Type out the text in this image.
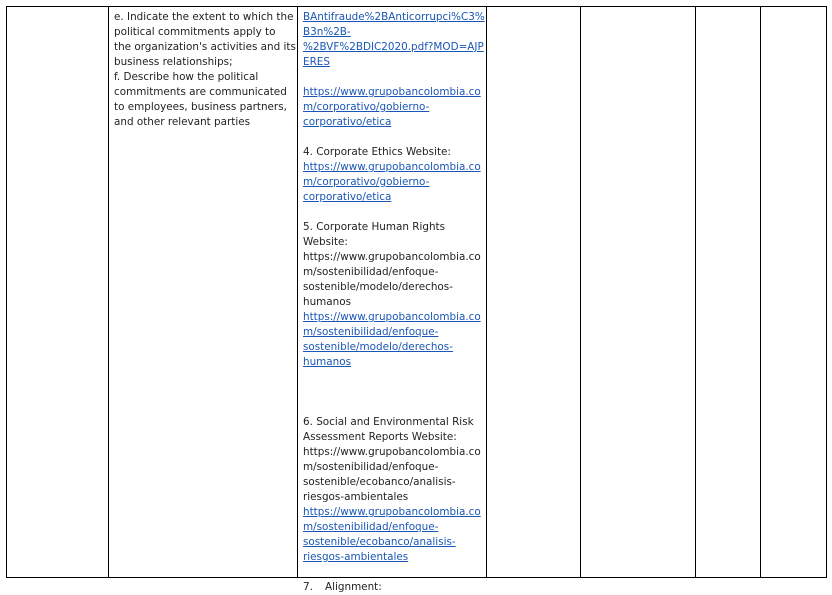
e. Indicate the extent to which the
political commitments apply to
the organization's activities and its
business relationships;
f. Describe how the political
commitments are communicated
to employees, business partners,
and other relevant parties
BAntifraude%2BAnticorrupci%C3%
B3n%2B-
%2BVF%2BDIC2020.pdf?MOD=AJP
ERES
https://www.grupobancolombia.co
m/corporativo/gobierno-
corporativo/etica
4. Corporate Ethics Website:
https://www.grupobancolombia.co
m/corporativo/gobierno-
corporativo/etica
5. Corporate Human Rights
Website:
https://www.grupobancolombia.co
m/sostenibilidad/enfoque-
sostenible/modelo/derechos-
humanos
https://www.grupobancolombia.co
m/sostenibilidad/enfoque-
sostenible/modelo/derechos-
humanos
6. Social and Environmental Risk
Assessment Reports Website:
https://www.grupobancolombia.co
m/sostenibilidad/enfoque-
sostenible/ecobanco/analisis-
riesgos-ambientales
https://www.grupobancolombia.co
m/sostenibilidad/enfoque-
sostenible/ecobanco/analisis-
riesgos-ambientales
7. Alignment:
